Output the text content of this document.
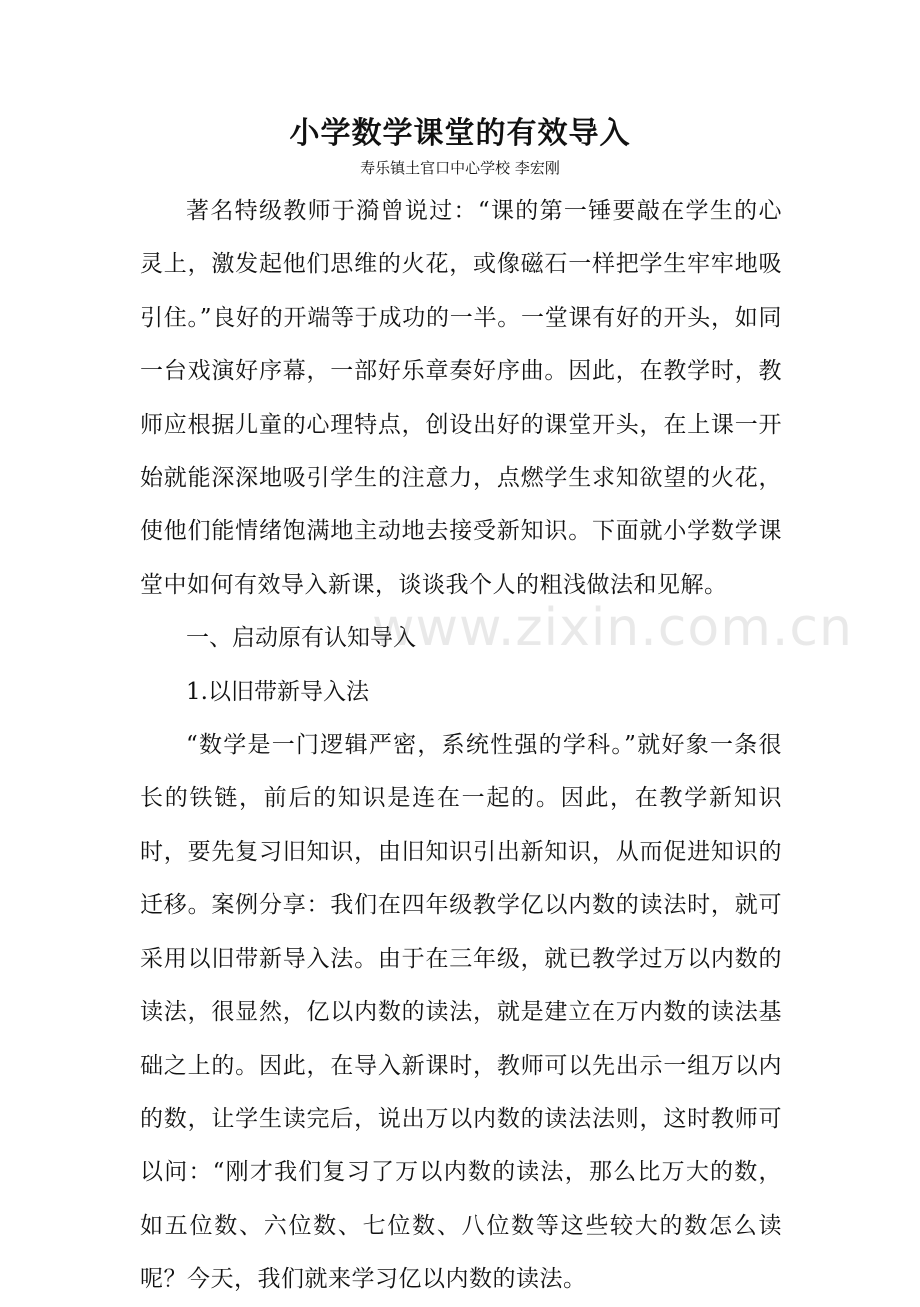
小学数学课堂的有效导入
寿乐镇土官口中心学校 李宏刚

著名特级教师于漪曾说过：“课的第一锤要敲在学生的心灵上，激发起他们思维的火花，或像磁石一样把学生牢牢地吸引住。”良好的开端等于成功的一半。一堂课有好的开头，如同一台戏演好序幕，一部好乐章奏好序曲。因此，在教学时，教师应根据儿童的心理特点，创设出好的课堂开头，在上课一开始就能深深地吸引学生的注意力，点燃学生求知欲望的火花，使他们能情绪饱满地主动地去接受新知识。下面就小学数学课堂中如何有效导入新课，谈谈我个人的粗浅做法和见解。

一、启动原有认知导入

1.以旧带新导入法

“数学是一门逻辑严密，系统性强的学科。”就好象一条很长的铁链，前后的知识是连在一起的。因此，在教学新知识时，要先复习旧知识，由旧知识引出新知识，从而促进知识的迁移。案例分享：我们在四年级教学亿以内数的读法时，就可采用以旧带新导入法。由于在三年级，就已教学过万以内数的读法，很显然，亿以内数的读法，就是建立在万内数的读法基础之上的。因此，在导入新课时，教师可以先出示一组万以内的数，让学生读完后，说出万以内数的读法法则，这时教师可以问：“刚才我们复习了万以内数的读法，那么比万大的数，如五位数、六位数、七位数、八位数等这些较大的数怎么读呢？今天，我们就来学习亿以内数的读法。

www.zixin.com.cn
